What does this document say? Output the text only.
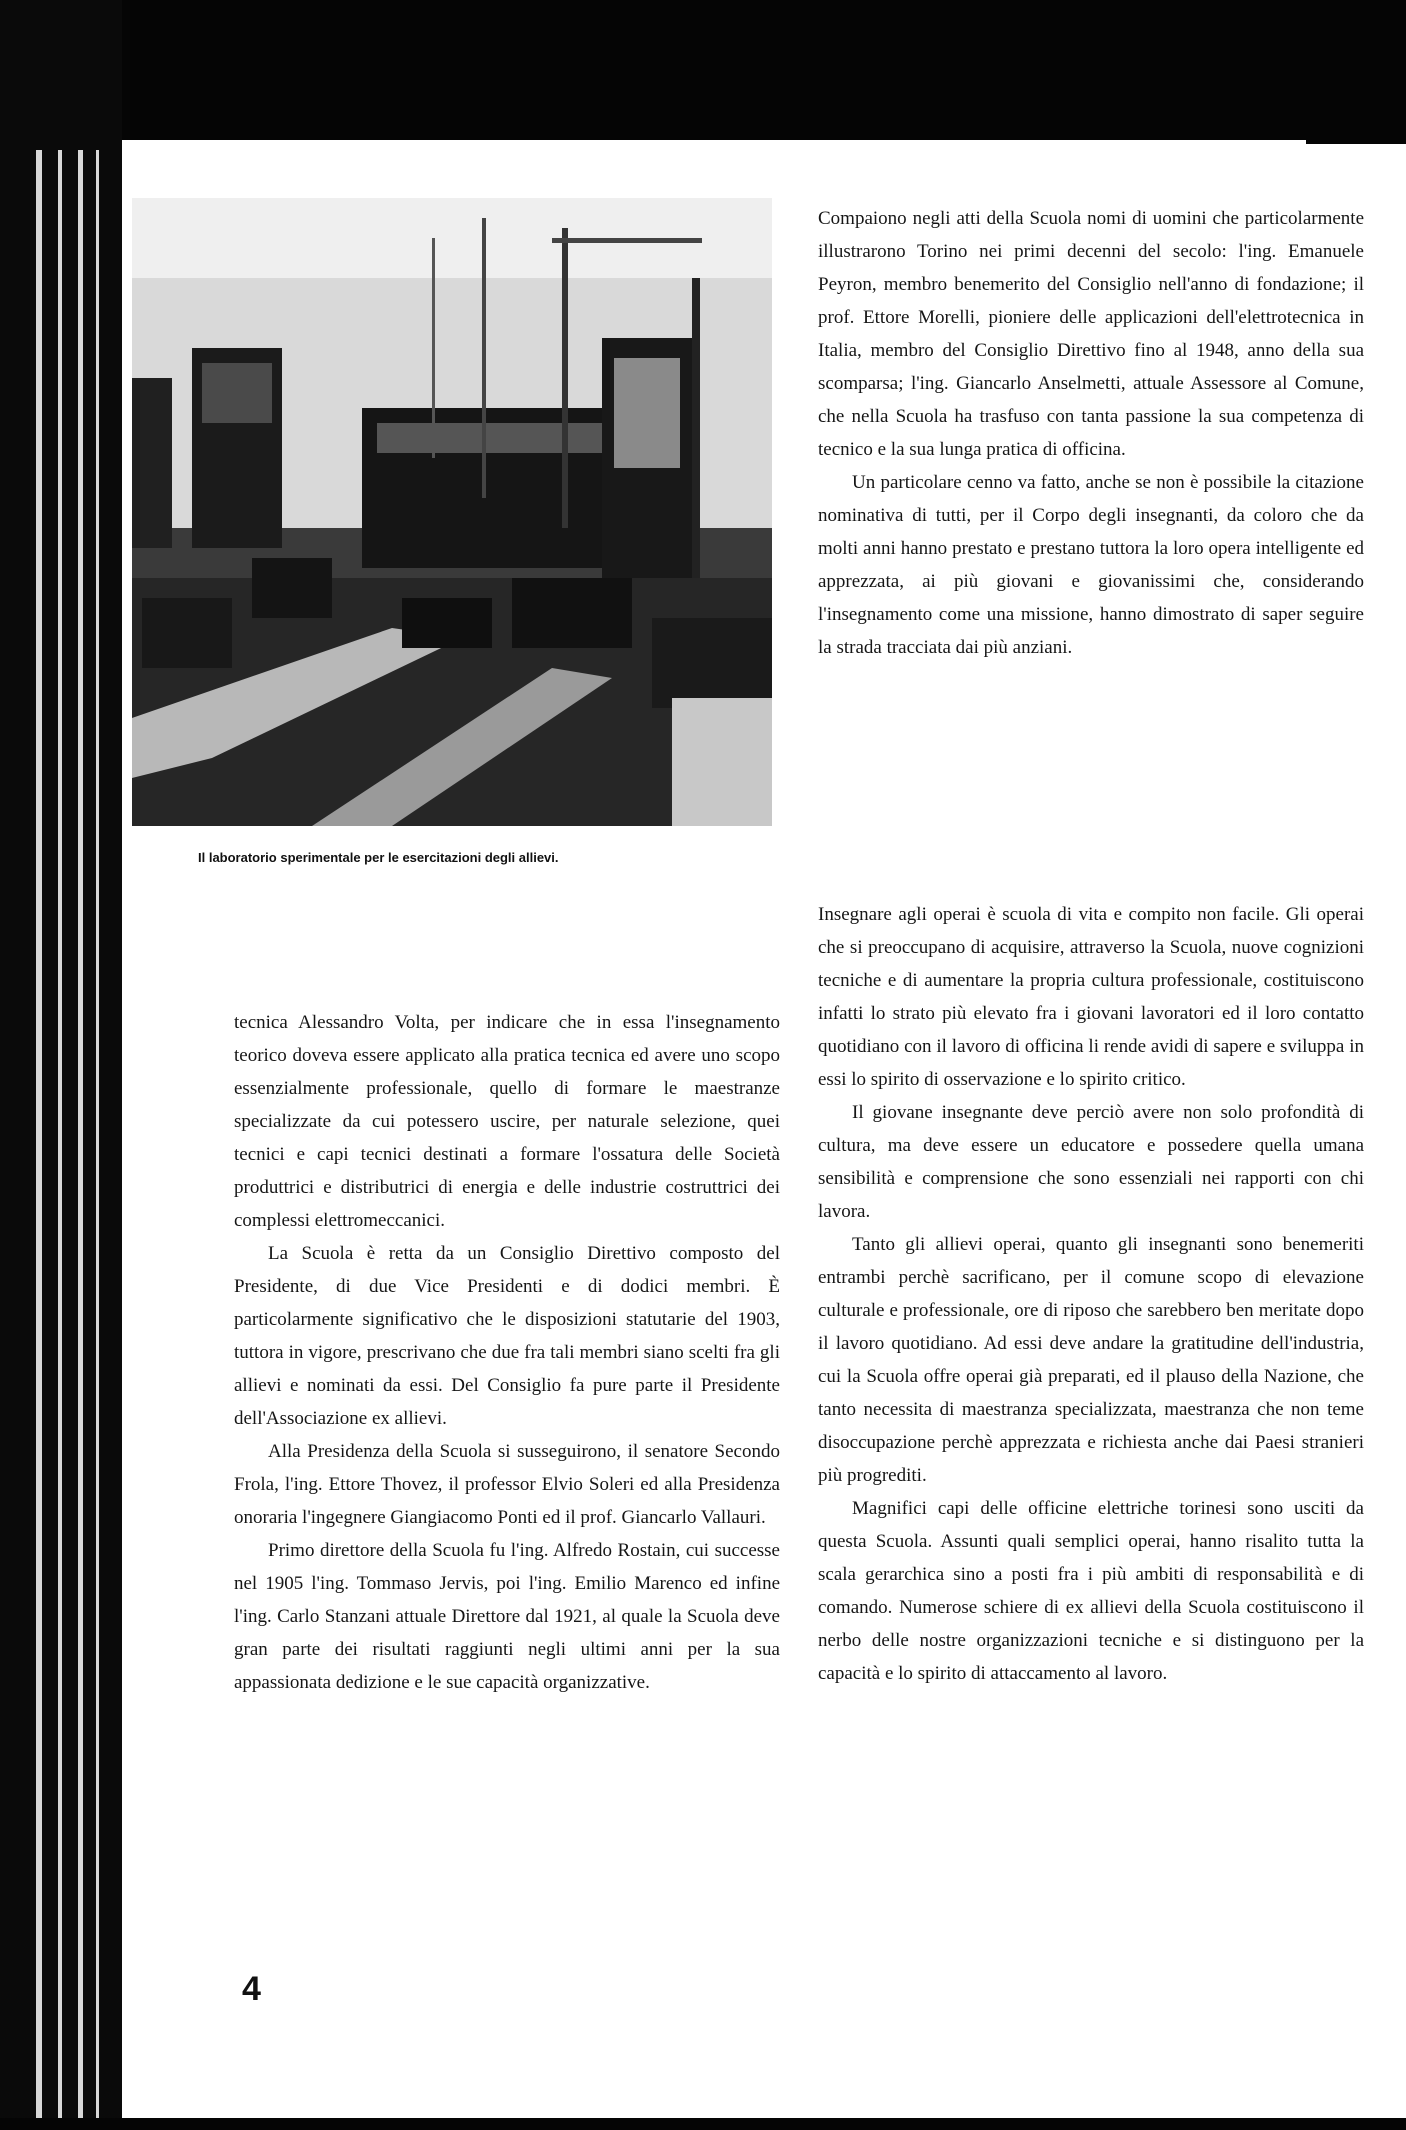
Il laboratorio sperimentale per le esercitazioni degli allievi.

Compaiono negli atti della Scuola nomi di uomini che particolarmente illustrarono Torino nei primi decenni del secolo: l'ing. Emanuele Peyron, membro benemerito del Consiglio nell'anno di fondazione; il prof. Ettore Morelli, pioniere delle applicazioni dell'elettrotecnica in Italia, membro del Consiglio Direttivo fino al 1948, anno della sua scomparsa; l'ing. Giancarlo Anselmetti, attuale Assessore al Comune, che nella Scuola ha trasfuso con tanta passione la sua competenza di tecnico e la sua lunga pratica di officina.

Un particolare cenno va fatto, anche se non è possibile la citazione nominativa di tutti, per il Corpo degli insegnanti, da coloro che da molti anni hanno prestato e prestano tuttora la loro opera intelligente ed apprezzata, ai più giovani e giovanissimi che, considerando l'insegnamento come una missione, hanno dimostrato di saper seguire la strada tracciata dai più anziani.

Insegnare agli operai è scuola di vita e compito non facile. Gli operai che si preoccupano di acquisire, attraverso la Scuola, nuove cognizioni tecniche e di aumentare la propria cultura professionale, costituiscono infatti lo strato più elevato fra i giovani lavoratori ed il loro contatto quotidiano con il lavoro di officina li rende avidi di sapere e sviluppa in essi lo spirito di osservazione e lo spirito critico.

Il giovane insegnante deve perciò avere non solo profondità di cultura, ma deve essere un educatore e possedere quella umana sensibilità e comprensione che sono essenziali nei rapporti con chi lavora.

Tanto gli allievi operai, quanto gli insegnanti sono benemeriti entrambi perchè sacrificano, per il comune scopo di elevazione culturale e professionale, ore di riposo che sarebbero ben meritate dopo il lavoro quotidiano. Ad essi deve andare la gratitudine dell'industria, cui la Scuola offre operai già preparati, ed il plauso della Nazione, che tanto necessita di maestranza specializzata, maestranza che non teme disoccupazione perchè apprezzata e richiesta anche dai Paesi stranieri più progrediti.

Magnifici capi delle officine elettriche torinesi sono usciti da questa Scuola. Assunti quali semplici operai, hanno risalito tutta la scala gerarchica sino a posti fra i più ambiti di responsabilità e di comando. Numerose schiere di ex allievi della Scuola costituiscono il nerbo delle nostre organizzazioni tecniche e si distinguono per la capacità e lo spirito di attaccamento al lavoro.

tecnica Alessandro Volta, per indicare che in essa l'insegnamento teorico doveva essere applicato alla pratica tecnica ed avere uno scopo essenzialmente professionale, quello di formare le maestranze specializzate da cui potessero uscire, per naturale selezione, quei tecnici e capi tecnici destinati a formare l'ossatura delle Società produttrici e distributrici di energia e delle industrie costruttrici dei complessi elettromeccanici.

La Scuola è retta da un Consiglio Direttivo composto del Presidente, di due Vice Presidenti e di dodici membri. È particolarmente significativo che le disposizioni statutarie del 1903, tuttora in vigore, prescrivano che due fra tali membri siano scelti fra gli allievi e nominati da essi. Del Consiglio fa pure parte il Presidente dell'Associazione ex allievi.

Alla Presidenza della Scuola si susseguirono, il senatore Secondo Frola, l'ing. Ettore Thovez, il professor Elvio Soleri ed alla Presidenza onoraria l'ingegnere Giangiacomo Ponti ed il prof. Giancarlo Vallauri.

Primo direttore della Scuola fu l'ing. Alfredo Rostain, cui successe nel 1905 l'ing. Tommaso Jervis, poi l'ing. Emilio Marenco ed infine l'ing. Carlo Stanzani attuale Direttore dal 1921, al quale la Scuola deve gran parte dei risultati raggiunti negli ultimi anni per la sua appassionata dedizione e le sue capacità organizzative.

4
